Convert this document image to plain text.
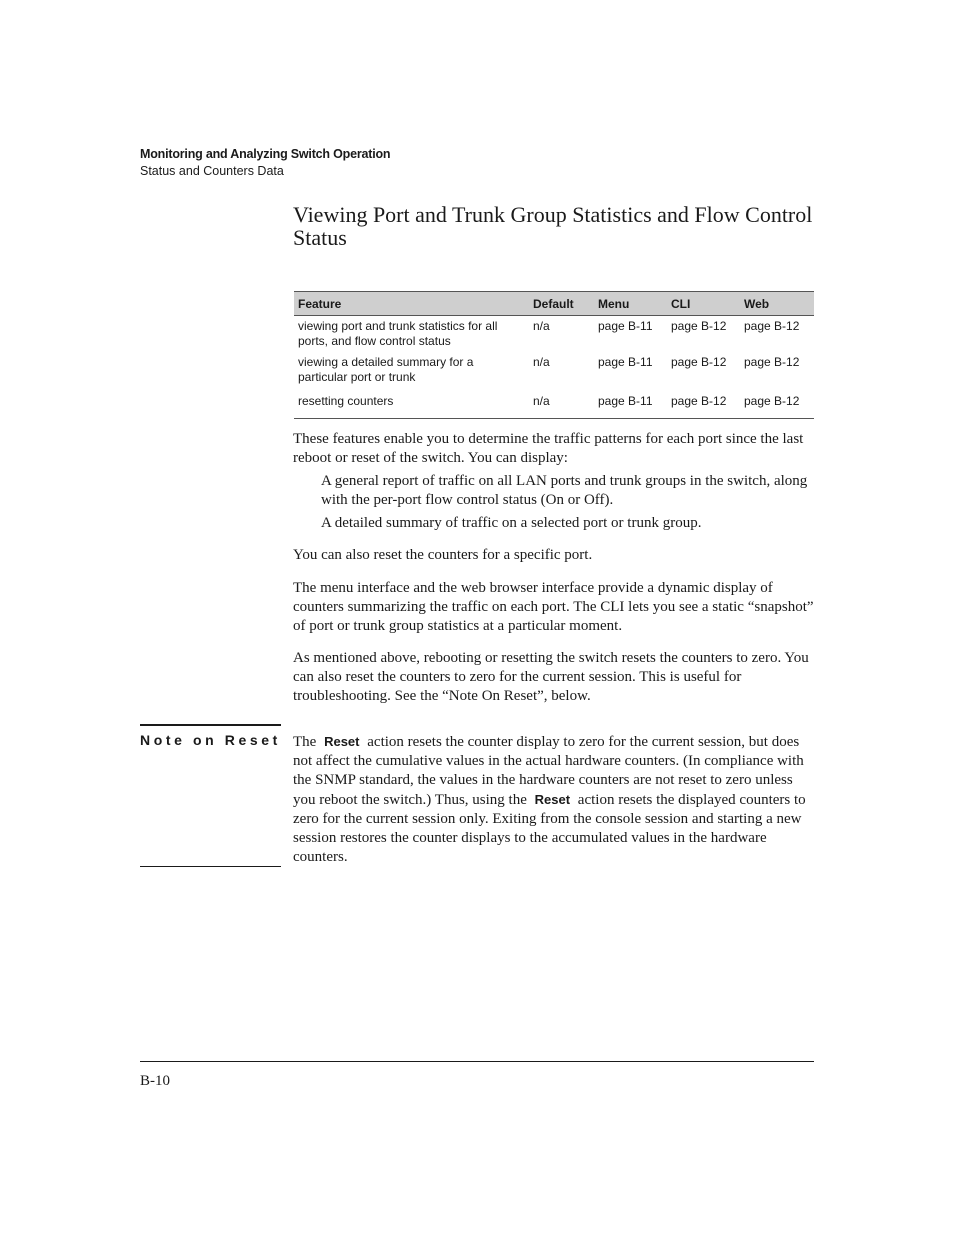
Monitoring and Analyzing Switch Operation
Status and Counters Data
Viewing Port and Trunk Group Statistics and Flow Control Status
Feature	Default	Menu	CLI	Web
viewing port and trunk statistics for all ports, and flow control status	n/a	page B-11	page B-12	page B-12
viewing a detailed summary for a particular port or trunk	n/a	page B-11	page B-12	page B-12
resetting counters	n/a	page B-11	page B-12	page B-12

These features enable you to determine the traffic patterns for each port since the last reboot or reset of the switch. You can display:

A general report of traffic on all LAN ports and trunk groups in the switch, along with the per-port flow control status (On or Off).

A detailed summary of traffic on a selected port or trunk group.

You can also reset the counters for a specific port.

The menu interface and the web browser interface provide a dynamic display of counters summarizing the traffic on each port. The CLI lets you see a static “snapshot” of port or trunk group statistics at a particular moment.

As mentioned above, rebooting or resetting the switch resets the counters to zero. You can also reset the counters to zero for the current session. This is useful for troubleshooting. See the “Note On Reset”, below.

Note on Reset The Reset action resets the counter display to zero for the current session, but does not affect the cumulative values in the actual hardware counters. (In compliance with the SNMP standard, the values in the hardware counters are not reset to zero unless you reboot the switch.) Thus, using the Reset action resets the displayed counters to zero for the current session only. Exiting from the console session and starting a new session restores the counter displays to the accumulated values in the hardware counters.

B-10
